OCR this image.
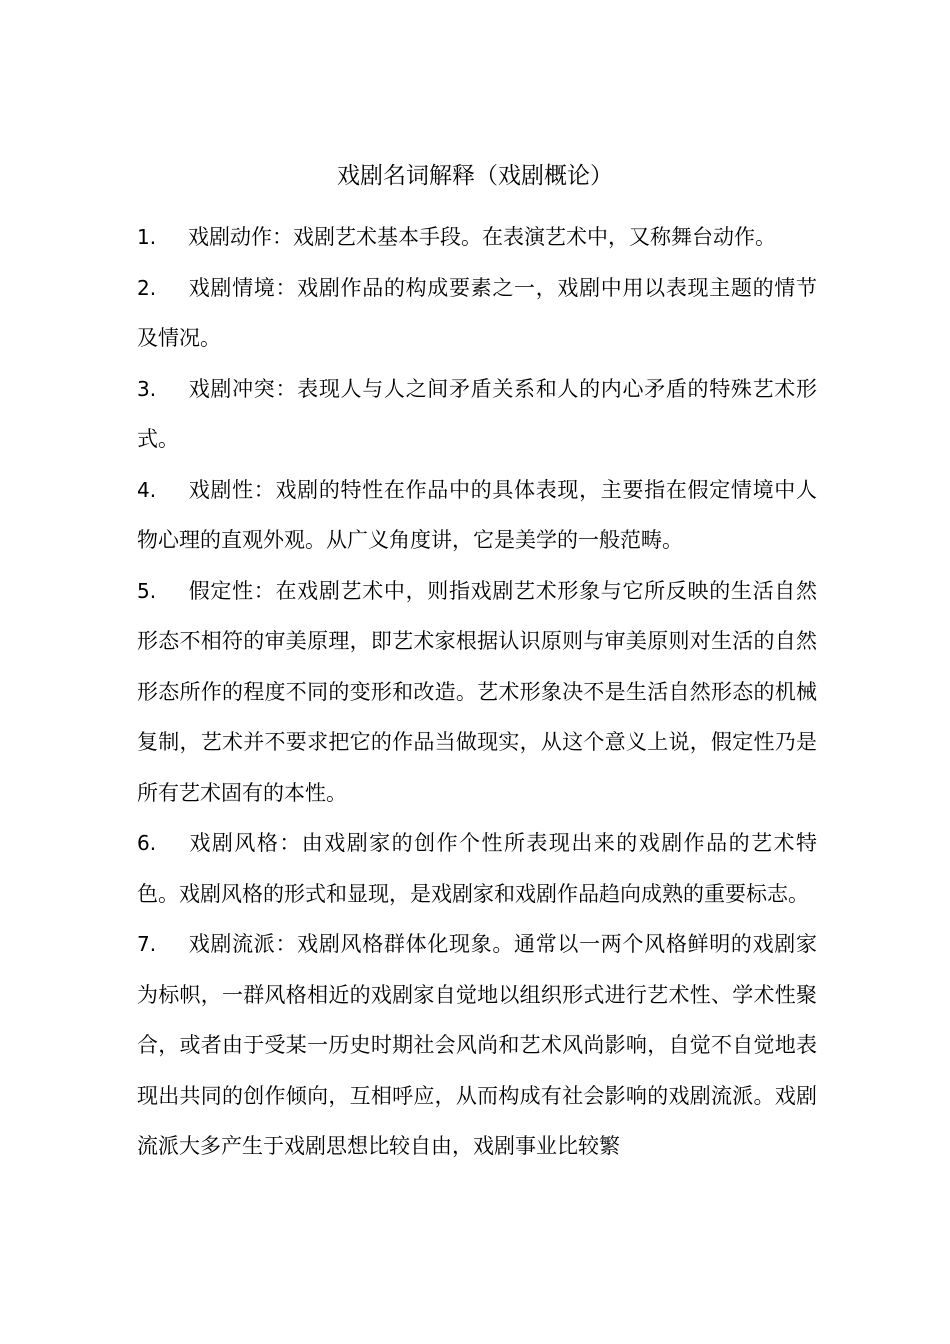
戏剧名词解释（戏剧概论）

1. 戏剧动作：戏剧艺术基本手段。在表演艺术中，又称舞台动作。

2. 戏剧情境：戏剧作品的构成要素之一，戏剧中用以表现主题的情节及情况。

3. 戏剧冲突：表现人与人之间矛盾关系和人的内心矛盾的特殊艺术形式。

4. 戏剧性：戏剧的特性在作品中的具体表现，主要指在假定情境中人物心理的直观外观。从广义角度讲，它是美学的一般范畴。

5. 假定性：在戏剧艺术中，则指戏剧艺术形象与它所反映的生活自然形态不相符的审美原理，即艺术家根据认识原则与审美原则对生活的自然形态所作的程度不同的变形和改造。艺术形象决不是生活自然形态的机械复制，艺术并不要求把它的作品当做现实，从这个意义上说，假定性乃是所有艺术固有的本性。

6. 戏剧风格：由戏剧家的创作个性所表现出来的戏剧作品的艺术特色。戏剧风格的形式和显现，是戏剧家和戏剧作品趋向成熟的重要标志。

7. 戏剧流派：戏剧风格群体化现象。通常以一两个风格鲜明的戏剧家为标帜，一群风格相近的戏剧家自觉地以组织形式进行艺术性、学术性聚合，或者由于受某一历史时期社会风尚和艺术风尚影响，自觉不自觉地表现出共同的创作倾向，互相呼应，从而构成有社会影响的戏剧流派。戏剧流派大多产生于戏剧思想比较自由，戏剧事业比较繁
